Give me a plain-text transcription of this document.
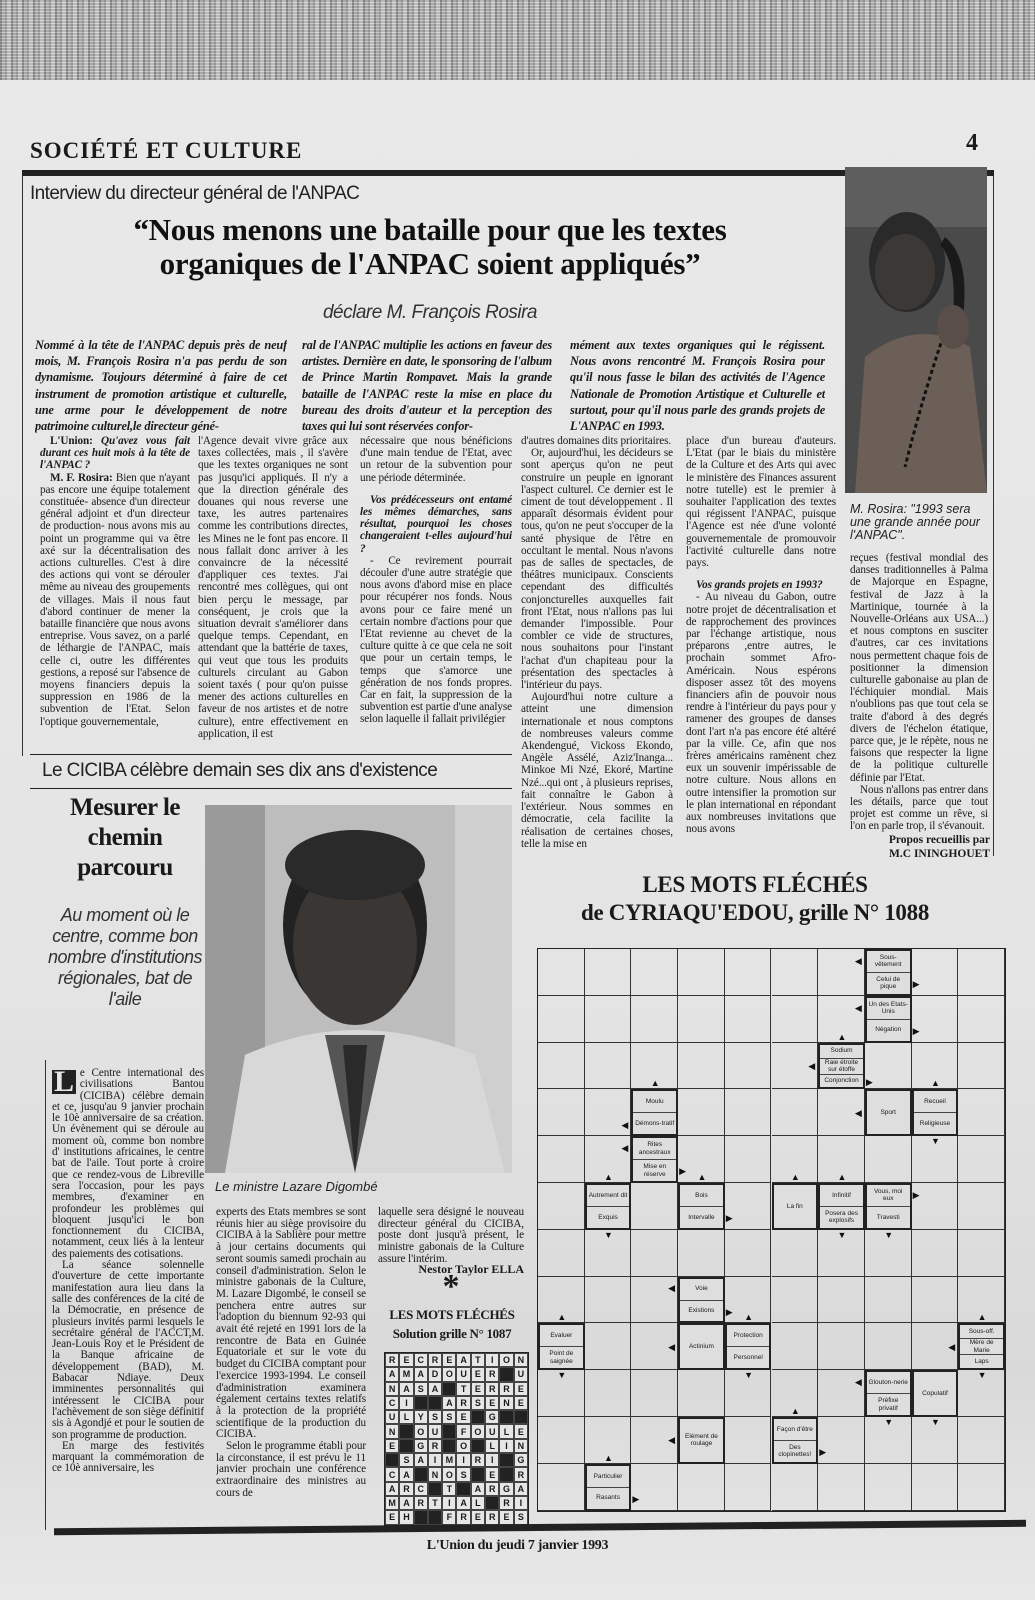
SOCIÉTÉ ET CULTURE	4
Interview du directeur général de l'ANPAC
“Nous menons une bataille pour que les textes
organiques de l'ANPAC soient appliqués”
déclare M. François Rosira
Nommé à la tête de l'ANPAC depuis près de neuf mois, M. François Rosira n'a pas perdu de son dynamisme. Toujours déterminé à faire de cet instrument de promotion artistique et culturelle, une arme pour le développement de notre patrimoine culturel,le directeur géné-
ral de l'ANPAC multiplie les actions en faveur des artistes. Dernière en date, le sponsoring de l'album de Prince Martin Rompavet. Mais la grande bataille de l'ANPAC reste la mise en place du bureau des droits d'auteur et la perception des taxes qui lui sont réservées confor-
mément aux textes organiques qui le régissent. Nous avons rencontré M. François Rosira pour qu'il nous fasse le bilan des activités de l'Agence Nationale de Promotion Artistique et Culturelle et surtout, pour qu'il nous parle des grands projets de L'ANPAC en 1993.
M. Rosira: "1993 sera une grande année pour l'ANPAC".

L'Union: Qu'avez vous fait durant ces huit mois à la tête de l'ANPAC ?

M. F. Rosira: Bien que n'ayant pas encore une équipe totalement constituée- absence d'un directeur général adjoint et d'un directeur de production- nous avons mis au point un programme qui va être axé sur la décentralisation des actions culturelles. C'est à dire des actions qui vont se dérouler même au niveau des groupements de villages. Mais il nous faut d'abord continuer de mener la bataille financière que nous avons entreprise. Vous savez, on a parlé de léthargie de l'ANPAC, mais celle ci, outre les différentes gestions, a reposé sur l'absence de moyens financiers depuis la suppression en 1986 de la subvention de l'Etat. Selon l'optique gouvernementale,

l'Agence devait vivre grâce aux taxes collectées, mais , il s'avère que les textes organiques ne sont pas jusqu'ici appliqués. Il n'y a que la direction générale des douanes qui nous reverse une taxe, les autres partenaires comme les contributions directes, les Mines ne le font pas encore. Il nous fallait donc arriver à les convaincre de la nécessité d'appliquer ces textes. J'ai rencontré mes collègues, qui ont bien perçu le message, par conséquent, je crois que la situation devrait s'améliorer dans quelque temps. Cependant, en attendant que la battérie de taxes, qui veut que tous les produits culturels circulant au Gabon soient taxés ( pour qu'on puisse mener des actions culturelles en faveur de nos artistes et de notre culture), entre effectivement en application, il est

nécessaire que nous bénéficions d'une main tendue de l'Etat, avec un retour de la subvention pour une période déterminée.

Vos prédécesseurs ont entamé les mêmes démarches, sans résultat, pourquoi les choses changeraient t-elles aujourd'hui ?

- Ce revirement pourrait découler d'une autre stratégie que nous avons d'abord mise en place pour récupérer nos fonds. Nous avons pour ce faire mené un certain nombre d'actions pour que l'Etat revienne au chevet de la culture quitte à ce que cela ne soit que pour un certain temps, le temps que s'amorce une génération de nos fonds propres. Car en fait, la suppression de la subvention est partie d'une analyse selon laquelle il fallait privilégier

d'autres domaines dits prioritaires.

Or, aujourd'hui, les décideurs se sont aperçus qu'on ne peut construire un peuple en ignorant l'aspect culturel. Ce dernier est le ciment de tout développement . Il apparaît désormais évident pour tous, qu'on ne peut s'occuper de la santé physique de l'être en occultant le mental. Nous n'avons pas de salles de spectacles, de théâtres municipaux. Conscients cependant des difficultés conjoncturelles auxquelles fait front l'Etat, nous n'allons pas lui demander l'impossible. Pour combler ce vide de structures, nous souhaitons pour l'instant l'achat d'un chapiteau pour la présentation des spectacles à l'intérieur du pays.

Aujourd'hui notre culture a atteint une dimension internationale et nous comptons de nombreuses valeurs comme Akendengué, Vickoss Ekondo, Angèle Assélé, Aziz'Inanga... Minkoe Mi Nzé, Ekoré, Martine Nzé...qui ont , à plusieurs reprises, fait connaître le Gabon à l'extérieur. Nous sommes en démocratie, cela facilite la réalisation de certaines choses, telle la mise en

place d'un bureau d'auteurs. L'Etat (par le biais du ministère de la Culture et des Arts qui avec le ministère des Finances assurent notre tutelle) est le premier à souhaiter l'application des textes qui régissent l'ANPAC, puisque l'Agence est née d'une volonté gouvernementale de promouvoir l'activité culturelle dans notre pays.

Vos grands projets en 1993?

- Au niveau du Gabon, outre notre projet de décentralisation et de rapprochement des provinces par l'échange artistique, nous préparons ,entre autres, le prochain sommet Afro-Américain. Nous espérons disposer assez tôt des moyens financiers afin de pouvoir nous rendre à l'intérieur du pays pour y ramener des groupes de danses dont l'art n'a pas encore été altéré par la ville. Ce, afin que nos frères américains ramènent chez eux un souvenir impérissable de notre culture. Nous allons en outre intensifier la promotion sur le plan international en répondant aux nombreuses invitations que nous avons

reçues (festival mondial des danses traditionnelles à Palma de Majorque en Espagne, festival de Jazz à la Martinique, tournée à la Nouvelle-Orléans aux USA...) et nous comptons en susciter d'autres, car ces invitations nous permettent chaque fois de positionner la dimension culturelle gabonaise au plan de l'échiquier mondial. Mais n'oublions pas que tout cela se traite d'abord à des degrés divers de l'échelon étatique, parce que, je le répète, nous ne faisons que respecter la ligne de la politique culturelle définie par l'Etat.

Nous n'allons pas entrer dans les détails, parce que tout projet est comme un rêve, si l'on en parle trop, il s'évanouit.

Propos recueillis par
M.C ININGHOUET
Le CICIBA célèbre demain ses dix ans d'existence
Mesurer le chemin parcouru
Au moment où le centre, comme bon nombre d'institutions régionales, bat de l'aile
Le ministre Lazare Digombé

L e Centre international des civilisations Bantou (CICIBA) célèbre demain et ce, jusqu'au 9 janvier prochain le 10è anniversaire de sa création. Un évènement qui se déroule au moment où, comme bon nombre d' institutions africaines, le centre bat de l'aile. Tout porte à croire que ce rendez-vous de Libreville sera l'occasion, pour les pays membres, d'examiner en profondeur les problèmes qui bloquent jusqu'ici le bon fonctionnement du CICIBA, notamment, ceux liés à la lenteur des paiements des cotisations.

La séance solennelle d'ouverture de cette importante manifestation aura lieu dans la salle des conférences de la cité de la Démocratie, en présence de plusieurs invités parmi lesquels le secrétaire général de l'ACCT,M. Jean-Louis Roy et le Président de la Banque africaine de développement (BAD), M. Babacar Ndiaye. Deux imminentes personnalités qui intéressent le CICIBA pour l'achèvement de son siège définitif sis à Agondjé et pour le soutien de son programme de production.

En marge des festivités marquant la commémoration de ce 10è anniversaire, les

experts des Etats membres se sont réunis hier au siège provisoire du CICIBA à la Sablière pour mettre à jour certains documents qui seront soumis samedi prochain au conseil d'administration. Selon le ministre gabonais de la Culture, M. Lazare Digombé, le conseil se penchera entre autres sur l'adoption du biennum 92-93 qui avait été rejeté en 1991 lors de la rencontre de Bata en Guinée Equatoriale et sur le vote du budget du CICIBA comptant pour l'exercice 1993-1994. Le conseil d'administration examinera également certains textes relatifs à la protection de la propriété scientifique de la production du CICIBA.

Selon le programme établi pour la circonstance, il est prévu le 11 janvier prochain une conférence extraordinaire des ministres au cours de

laquelle sera désigné le nouveau directeur général du CICIBA, poste dont jusqu'à présent, le ministre gabonais de la Culture assure l'intérim.

Nestor Taylor ELLA
*
LES MOTS FLÉCHÉS
Solution grille N° 1087
R E C R E A T	I	O N
A M A D O U E R	U
N A S A	T E R R E
C	I	A R S E N E
U L Y S S E	G
N	O U	F O U L E
E	G R	O	L	I	N
S A	I	M	I	R	I	G
C A	N O S	E	R
A R C	T	A R G A
M A R T	I	A L	R	I
E H	F R E R E S
LES MOTS FLÉCHÉS
de CYRIAQU'EDOU, grille N° 1088
Sous-vêtement
Celui de pique
◀
▶
Un des Etats-Unis
Négation
◀
▶
Sodium
Raie étroite sur étoffe
Conjonction
▲
◀
▶
Moulu
Démons-tratif
▲
◀
Sport
◀
Recueil
Religieuse
▲
▼
Rites ancestraux
Mise en réserve
◀
▶
Autrement dit
Exquis
▲
▼
Bois
Intervalle
▲
▶
La fin
▲
Infinitif
Posera des explosifs
▲
▼
Vous, moi eux
Travesti
▶
▼
Voie
Existions
◀
▶
Evaluer
Point de saignée
▲
▼
Actinium
◀
Protection
Personnel
▲
▼
Sous-off.
Mère de Marie
Laps
▲
◀
▼
Glouton-nerie
Préfixe privatif
◀
▼
Copulatif
▼
Elément de roulage
◀
Façon d'être
Des clopinettes!
▲
▶
Particulier
Rasants
▲
▶
L'Union du jeudi 7 janvier 1993
